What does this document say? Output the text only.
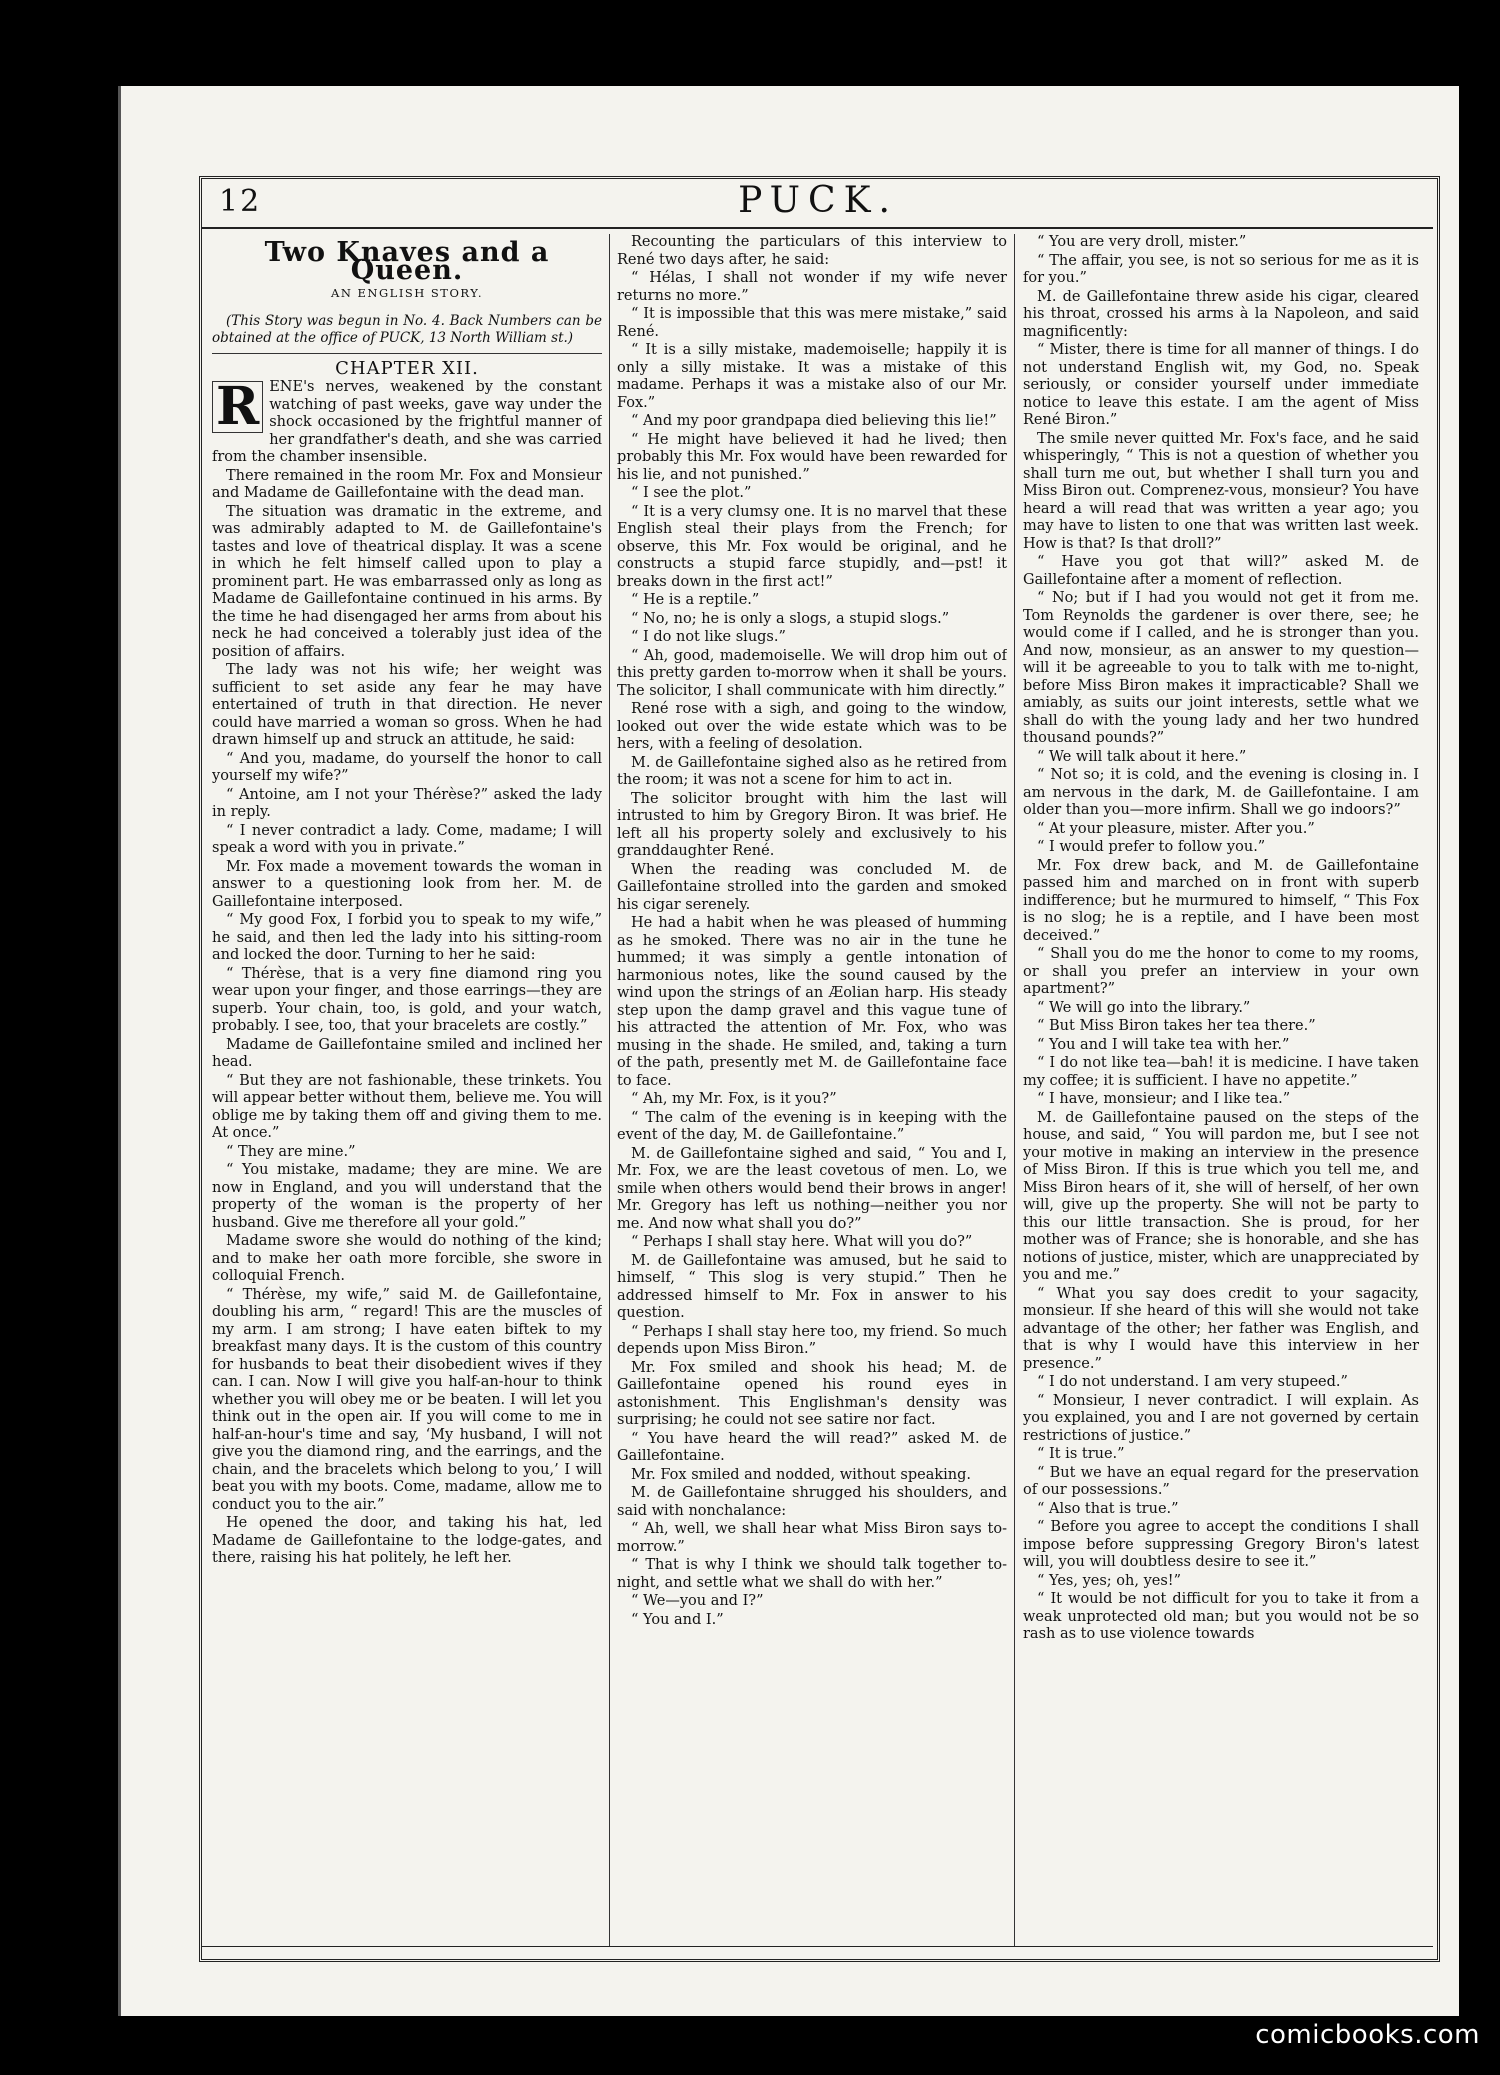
12	PUCK.
Two Knaves and a Queen.
AN ENGLISH STORY.

(This Story was begun in No. 4. Back Numbers can be obtained at the office of PUCK, 13 North William st.)

CHAPTER XII.

R ENE's nerves, weakened by the constant watching of past weeks, gave way under the shock occasioned by the frightful manner of her grandfather's death, and she was carried from the chamber insensible.

There remained in the room Mr. Fox and Monsieur and Madame de Gaillefontaine with the dead man.

The situation was dramatic in the extreme, and was admirably adapted to M. de Gaillefontaine's tastes and love of theatrical display. It was a scene in which he felt himself called upon to play a prominent part. He was embarrassed only as long as Madame de Gaillefontaine continued in his arms. By the time he had disengaged her arms from about his neck he had conceived a tolerably just idea of the position of affairs.

The lady was not his wife; her weight was sufficient to set aside any fear he may have entertained of truth in that direction. He never could have married a woman so gross. When he had drawn himself up and struck an attitude, he said:

“ And you, madame, do yourself the honor to call yourself my wife?”

“ Antoine, am I not your Thérèse?” asked the lady in reply.

“ I never contradict a lady. Come, madame; I will speak a word with you in private.”

Mr. Fox made a movement towards the woman in answer to a questioning look from her. M. de Gaillefontaine interposed.

“ My good Fox, I forbid you to speak to my wife,” he said, and then led the lady into his sitting-room and locked the door. Turning to her he said:

“ Thérèse, that is a very fine diamond ring you wear upon your finger, and those earrings—they are superb. Your chain, too, is gold, and your watch, probably. I see, too, that your bracelets are costly.”

Madame de Gaillefontaine smiled and inclined her head.

“ But they are not fashionable, these trinkets. You will appear better without them, believe me. You will oblige me by taking them off and giving them to me. At once.”

“ They are mine.”

“ You mistake, madame; they are mine. We are now in England, and you will understand that the property of the woman is the property of her husband. Give me therefore all your gold.”

Madame swore she would do nothing of the kind; and to make her oath more forcible, she swore in colloquial French.

“ Thérèse, my wife,” said M. de Gaillefontaine, doubling his arm, “ regard! This are the muscles of my arm. I am strong; I have eaten biftek to my breakfast many days. It is the custom of this country for husbands to beat their disobedient wives if they can. I can. Now I will give you half-an-hour to think whether you will obey me or be beaten. I will let you think out in the open air. If you will come to me in half-an-hour's time and say, ‘My husband, I will not give you the diamond ring, and the earrings, and the chain, and the bracelets which belong to you,’ I will beat you with my boots. Come, madame, allow me to conduct you to the air.”

He opened the door, and taking his hat, led Madame de Gaillefontaine to the lodge-gates, and there, raising his hat politely, he left her.

Recounting the particulars of this interview to René two days after, he said:

“ Hélas, I shall not wonder if my wife never returns no more.”

“ It is impossible that this was mere mistake,” said René.

“ It is a silly mistake, mademoiselle; happily it is only a silly mistake. It was a mistake of this madame. Perhaps it was a mistake also of our Mr. Fox.”

“ And my poor grandpapa died believing this lie!”

“ He might have believed it had he lived; then probably this Mr. Fox would have been rewarded for his lie, and not punished.”

“ I see the plot.”

“ It is a very clumsy one. It is no marvel that these English steal their plays from the French; for observe, this Mr. Fox would be original, and he constructs a stupid farce stupidly, and—pst! it breaks down in the first act!”

“ He is a reptile.”

“ No, no; he is only a slogs, a stupid slogs.”

“ I do not like slugs.”

“ Ah, good, mademoiselle. We will drop him out of this pretty garden to-morrow when it shall be yours. The solicitor, I shall communicate with him directly.”

René rose with a sigh, and going to the window, looked out over the wide estate which was to be hers, with a feeling of desolation.

M. de Gaillefontaine sighed also as he retired from the room; it was not a scene for him to act in.

The solicitor brought with him the last will intrusted to him by Gregory Biron. It was brief. He left all his property solely and exclusively to his granddaughter René.

When the reading was concluded M. de Gaillefontaine strolled into the garden and smoked his cigar serenely.

He had a habit when he was pleased of humming as he smoked. There was no air in the tune he hummed; it was simply a gentle intonation of harmonious notes, like the sound caused by the wind upon the strings of an Æolian harp. His steady step upon the damp gravel and this vague tune of his attracted the attention of Mr. Fox, who was musing in the shade. He smiled, and, taking a turn of the path, presently met M. de Gaillefontaine face to face.

“ Ah, my Mr. Fox, is it you?”

“ The calm of the evening is in keeping with the event of the day, M. de Gaillefontaine.”

M. de Gaillefontaine sighed and said, “ You and I, Mr. Fox, we are the least covetous of men. Lo, we smile when others would bend their brows in anger! Mr. Gregory has left us nothing—neither you nor me. And now what shall you do?”

“ Perhaps I shall stay here. What will you do?”

M. de Gaillefontaine was amused, but he said to himself, “ This slog is very stupid.” Then he addressed himself to Mr. Fox in answer to his question.

“ Perhaps I shall stay here too, my friend. So much depends upon Miss Biron.”

Mr. Fox smiled and shook his head; M. de Gaillefontaine opened his round eyes in astonishment. This Englishman's density was surprising; he could not see satire nor fact.

“ You have heard the will read?” asked M. de Gaillefontaine.

Mr. Fox smiled and nodded, without speaking.

M. de Gaillefontaine shrugged his shoulders, and said with nonchalance:

“ Ah, well, we shall hear what Miss Biron says to-morrow.”

“ That is why I think we should talk together to-night, and settle what we shall do with her.”

“ We—you and I?”

“ You and I.”

“ You are very droll, mister.”

“ The affair, you see, is not so serious for me as it is for you.”

M. de Gaillefontaine threw aside his cigar, cleared his throat, crossed his arms à la Napoleon, and said magnificently:

“ Mister, there is time for all manner of things. I do not understand English wit, my God, no. Speak seriously, or consider yourself under immediate notice to leave this estate. I am the agent of Miss René Biron.”

The smile never quitted Mr. Fox's face, and he said whisperingly, “ This is not a question of whether you shall turn me out, but whether I shall turn you and Miss Biron out. Comprenez-vous, monsieur? You have heard a will read that was written a year ago; you may have to listen to one that was written last week. How is that? Is that droll?”

“ Have you got that will?” asked M. de Gaillefontaine after a moment of reflection.

“ No; but if I had you would not get it from me. Tom Reynolds the gardener is over there, see; he would come if I called, and he is stronger than you. And now, monsieur, as an answer to my question—will it be agreeable to you to talk with me to-night, before Miss Biron makes it impracticable? Shall we amiably, as suits our joint interests, settle what we shall do with the young lady and her two hundred thousand pounds?”

“ We will talk about it here.”

“ Not so; it is cold, and the evening is closing in. I am nervous in the dark, M. de Gaillefontaine. I am older than you—more infirm. Shall we go indoors?”

“ At your pleasure, mister. After you.”

“ I would prefer to follow you.”

Mr. Fox drew back, and M. de Gaillefontaine passed him and marched on in front with superb indifference; but he murmured to himself, “ This Fox is no slog; he is a reptile, and I have been most deceived.”

“ Shall you do me the honor to come to my rooms, or shall you prefer an interview in your own apartment?”

“ We will go into the library.”

“ But Miss Biron takes her tea there.”

“ You and I will take tea with her.”

“ I do not like tea—bah! it is medicine. I have taken my coffee; it is sufficient. I have no appetite.”

“ I have, monsieur; and I like tea.”

M. de Gaillefontaine paused on the steps of the house, and said, “ You will pardon me, but I see not your motive in making an interview in the presence of Miss Biron. If this is true which you tell me, and Miss Biron hears of it, she will of herself, of her own will, give up the property. She will not be party to this our little transaction. She is proud, for her mother was of France; she is honorable, and she has notions of justice, mister, which are unappreciated by you and me.”

“ What you say does credit to your sagacity, monsieur. If she heard of this will she would not take advantage of the other; her father was English, and that is why I would have this interview in her presence.”

“ I do not understand. I am very stupeed.”

“ Monsieur, I never contradict. I will explain. As you explained, you and I are not governed by certain restrictions of justice.”

“ It is true.”

“ But we have an equal regard for the preservation of our possessions.”

“ Also that is true.”

“ Before you agree to accept the conditions I shall impose before suppressing Gregory Biron's latest will, you will doubtless desire to see it.”

“ Yes, yes; oh, yes!”

“ It would be not difficult for you to take it from a weak unprotected old man; but you would not be so rash as to use violence towards

comicbooks.com
